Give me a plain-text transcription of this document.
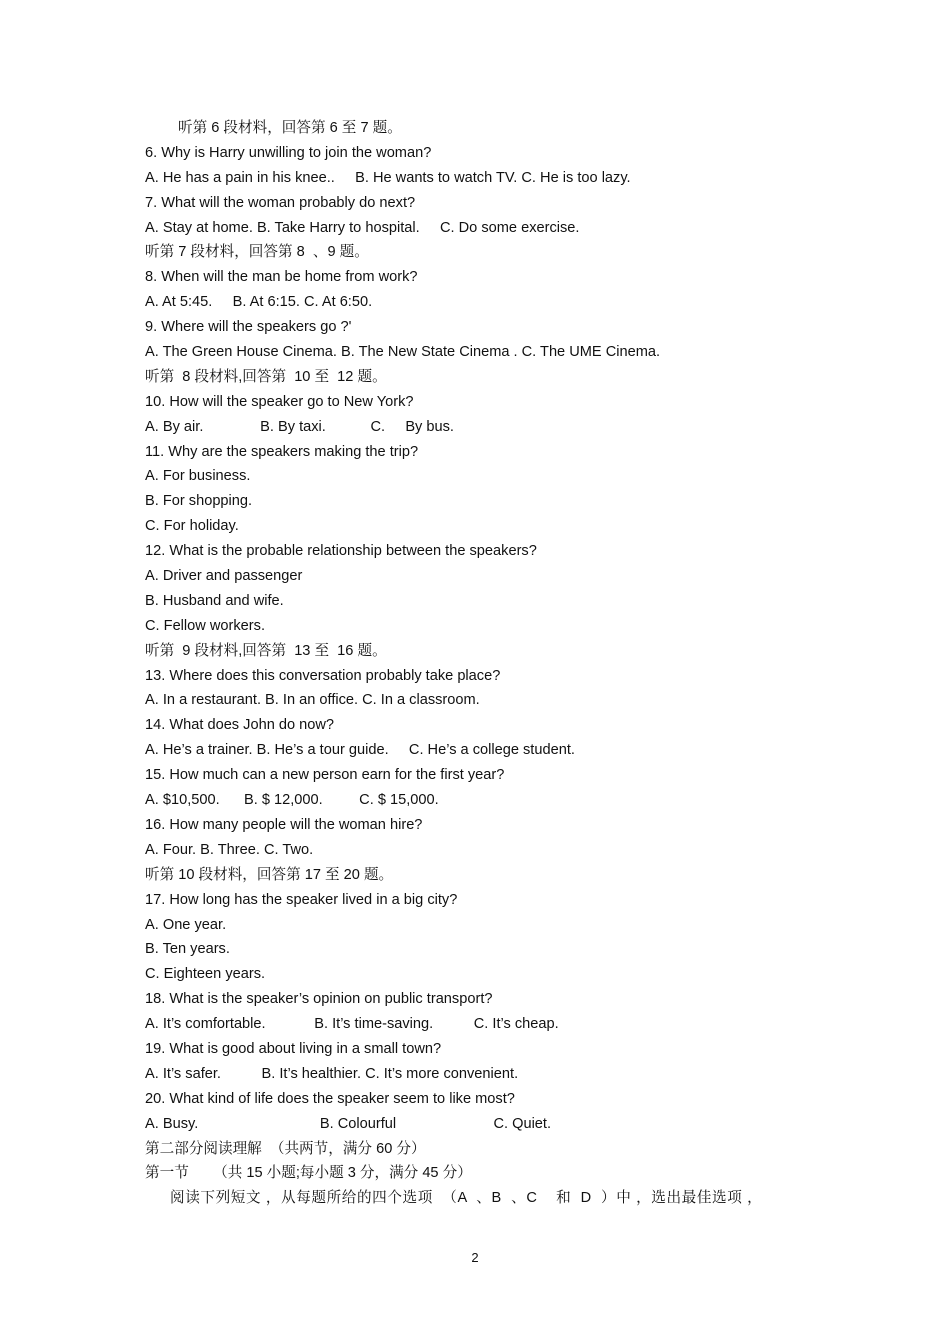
听第 6 段材料，回答第 6 至 7 题。
6. Why is Harry unwilling to join the woman?
A. He has a pain in his knee..     B. He wants to watch TV. C. He is too lazy.
7. What will the woman probably do next?
A. Stay at home. B. Take Harry to hospital.     C. Do some exercise.
听第 7 段材料，回答第 8  、9 题。
8. When will the man be home from work?
A. At 5:45.     B. At 6:15. C. At 6:50.
9. Where will the speakers go ?'
A. The Green House Cinema. B. The New State Cinema . C. The UME Cinema.
听第  8 段材料,回答第  10 至  12 题。
10. How will the speaker go to New York?
A. By air.              B. By taxi.           C.     By bus.
11. Why are the speakers making the trip?
A. For business.
B. For shopping.
C. For holiday.
12. What is the probable relationship between the speakers?
A. Driver and passenger
B. Husband and wife.
C. Fellow workers.
听第  9 段材料,回答第  13 至  16 题。
13. Where does this conversation probably take place?
A. In a restaurant. B. In an office. C. In a classroom.
14. What does John do now?
A. He’s a trainer. B. He’s a tour guide.     C. He’s a college student.
15. How much can a new person earn for the first year?
A. $10,500.      B. $ 12,000.         C. $ 15,000.
16. How many people will the woman hire?
A. Four. B. Three. C. Two.
听第 10 段材料，回答第 17 至 20 题。
17. How long has the speaker lived in a big city?
A. One year.
B. Ten years.
C. Eighteen years.
18. What is the speaker’s opinion on public transport?
A. It’s comfortable.            B. It’s time-saving.          C. It’s cheap.
19. What is good about living in a small town?
A. It’s safer.          B. It’s healthier. C. It’s more convenient.
20. What kind of life does the speaker seem to like most?
A. Busy.                              B. Colourful                        C. Quiet.
第二部分阅读理解  （共两节，满分 60 分）
第一节      （共 15 小题;每小题 3 分，满分 45 分）
阅读下列短文 ，从每题所给的四个选项  （A  、B  、C    和  D  ）中 ，选出最佳选项 ，
2
